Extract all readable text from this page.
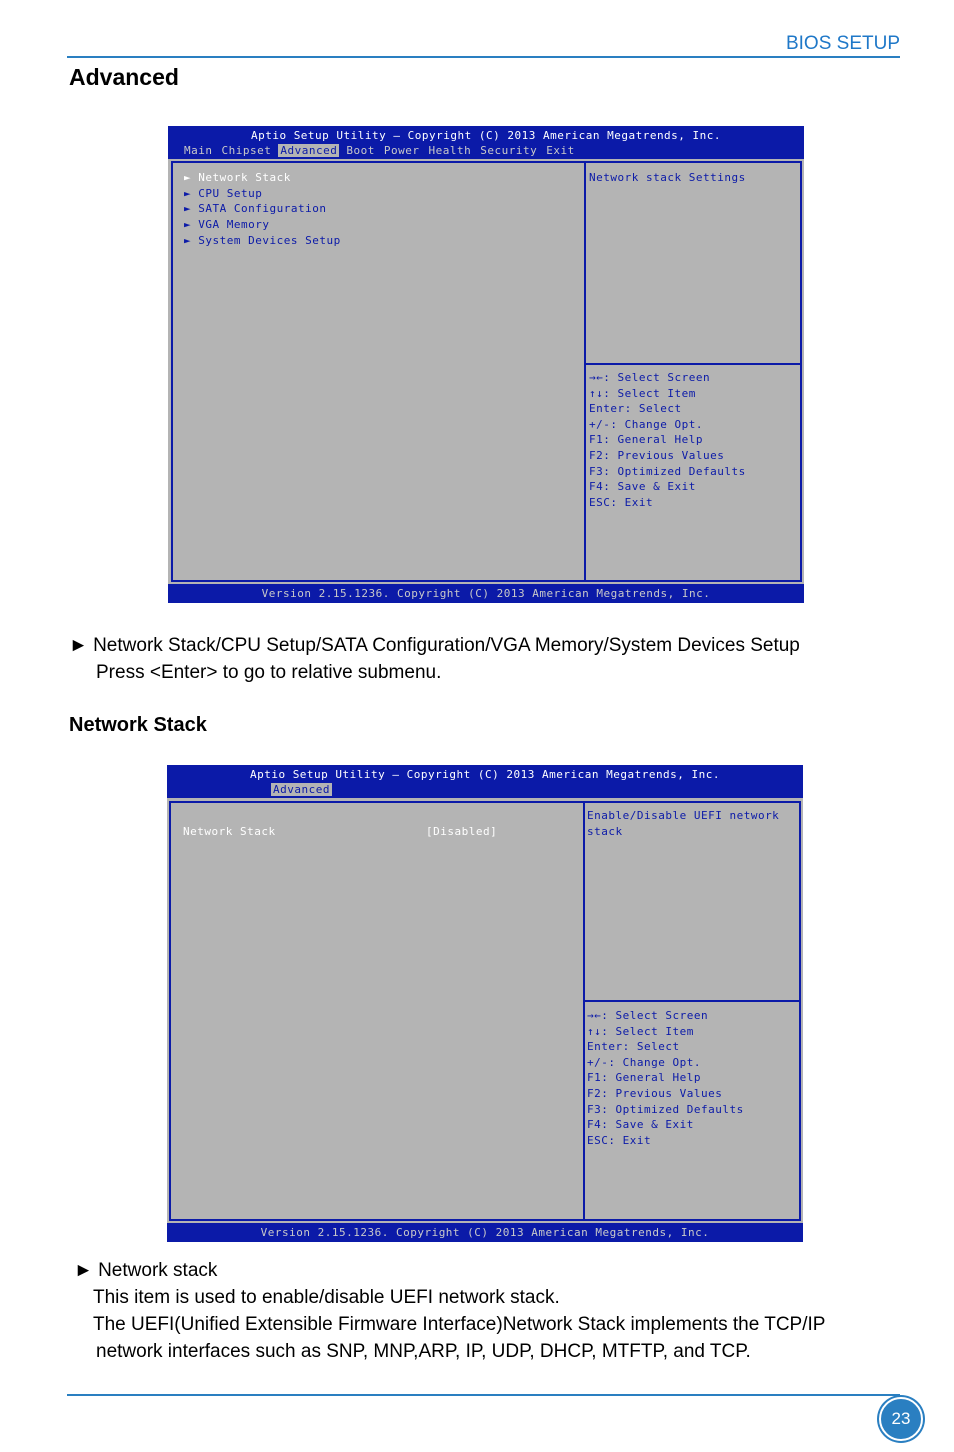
BIOS SETUP
Advanced
Aptio Setup Utility – Copyright (C) 2013 American Megatrends, Inc.
Main Chipset Advanced Boot Power Health Security Exit
► Network Stack
► CPU Setup
► SATA Configuration
► VGA Memory
► System Devices Setup
Network stack Settings
→←: Select Screen
↑↓: Select Item
Enter: Select
+/-: Change Opt.
F1: General Help
F2: Previous Values
F3: Optimized Defaults
F4: Save & Exit
ESC: Exit
Version 2.15.1236. Copyright (C) 2013 American Megatrends, Inc.
► Network Stack/CPU Setup/SATA Configuration/VGA Memory/System Devices Setup
Press <Enter> to go to relative submenu.
Network Stack
Aptio Setup Utility – Copyright (C) 2013 American Megatrends, Inc.
Advanced
Network Stack	[Disabled]
Enable/Disable UEFI network
stack
→←: Select Screen
↑↓: Select Item
Enter: Select
+/-: Change Opt.
F1: General Help
F2: Previous Values
F3: Optimized Defaults
F4: Save & Exit
ESC: Exit
Version 2.15.1236. Copyright (C) 2013 American Megatrends, Inc.
► Network stack
This item is used to enable/disable UEFI network stack.
The UEFI(Unified Extensible Firmware Interface)Network Stack implements the TCP/IP
network interfaces such as SNP, MNP,ARP, IP, UDP, DHCP, MTFTP, and TCP.
23
